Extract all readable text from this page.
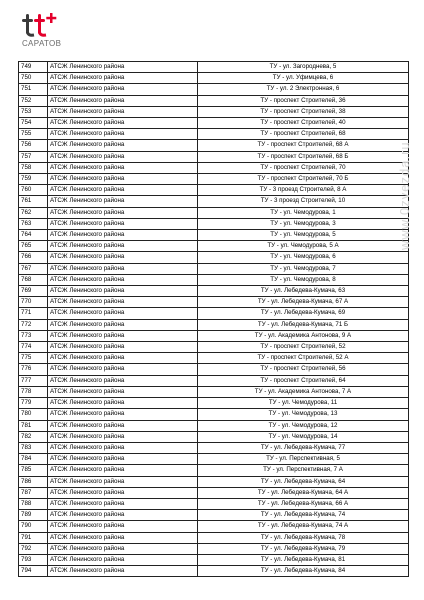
САРАТОВ
749	АТСЖ Ленинского района	ТУ - ул. Загороднева, 5
750	АТСЖ Ленинского района	ТУ - ул. Уфимцева, 6
751	АТСЖ Ленинского района	ТУ - ул. 2 Электронная, 6
752	АТСЖ Ленинского района	ТУ - проспект Строителей, 36
753	АТСЖ Ленинского района	ТУ - проспект Строителей, 38
754	АТСЖ Ленинского района	ТУ - проспект Строителей, 40
755	АТСЖ Ленинского района	ТУ - проспект Строителей, 68
756	АТСЖ Ленинского района	ТУ - проспект Строителей, 68 А
757	АТСЖ Ленинского района	ТУ - проспект Строителей, 68 Б
758	АТСЖ Ленинского района	ТУ - проспект Строителей, 70
759	АТСЖ Ленинского района	ТУ - проспект Строителей, 70 Б
760	АТСЖ Ленинского района	ТУ - 3 проезд Строителей, 8 А
761	АТСЖ Ленинского района	ТУ - 3 проезд Строителей, 10
762	АТСЖ Ленинского района	ТУ - ул. Чемодурова, 1
763	АТСЖ Ленинского района	ТУ - ул. Чемодурова, 3
764	АТСЖ Ленинского района	ТУ - ул. Чемодурова, 5
765	АТСЖ Ленинского района	ТУ - ул. Чемодурова, 5 А
766	АТСЖ Ленинского района	ТУ - ул. Чемодурова, 6
767	АТСЖ Ленинского района	ТУ - ул. Чемодурова, 7
768	АТСЖ Ленинского района	ТУ - ул. Чемодурова, 8
769	АТСЖ Ленинского района	ТУ - ул. Лебедева-Кумача, 63
770	АТСЖ Ленинского района	ТУ - ул. Лебедева-Кумача, 67 А
771	АТСЖ Ленинского района	ТУ - ул. Лебедева-Кумача, 69
772	АТСЖ Ленинского района	ТУ - ул. Лебедева-Кумача, 71 Б
773	АТСЖ Ленинского района	ТУ - ул. Академика Антонова, 9 А
774	АТСЖ Ленинского района	ТУ - проспект Строителей, 52
775	АТСЖ Ленинского района	ТУ - проспект Строителей, 52 А
776	АТСЖ Ленинского района	ТУ - проспект Строителей, 56
777	АТСЖ Ленинского района	ТУ - проспект Строителей, 64
778	АТСЖ Ленинского района	ТУ - ул. Академика Антонова, 7 А
779	АТСЖ Ленинского района	ТУ - ул. Чемодурова, 11
780	АТСЖ Ленинского района	ТУ - ул. Чемодурова, 13
781	АТСЖ Ленинского района	ТУ - ул. Чемодурова, 12
782	АТСЖ Ленинского района	ТУ - ул. Чемодурова, 14
783	АТСЖ Ленинского района	ТУ - ул. Лебедева-Кумача, 77
784	АТСЖ Ленинского района	ТУ - ул. Перспективная, 5
785	АТСЖ Ленинского района	ТУ - ул. Перспективная, 7 А
786	АТСЖ Ленинского района	ТУ - ул. Лебедева-Кумача, 64
787	АТСЖ Ленинского района	ТУ - ул. Лебедева-Кумача, 64 А
788	АТСЖ Ленинского района	ТУ - ул. Лебедева-Кумача, 66 А
789	АТСЖ Ленинского района	ТУ - ул. Лебедева-Кумача, 74
790	АТСЖ Ленинского района	ТУ - ул. Лебедева-Кумача, 74 А
791	АТСЖ Ленинского района	ТУ - ул. Лебедева-Кумача, 78
792	АТСЖ Ленинского района	ТУ - ул. Лебедева-Кумача, 79
793	АТСЖ Ленинского района	ТУ - ул. Лебедева-Кумача, 81
794	АТСЖ Ленинского района	ТУ - ул. Лебедева-Кумача, 84
www.0zvezda.ru
